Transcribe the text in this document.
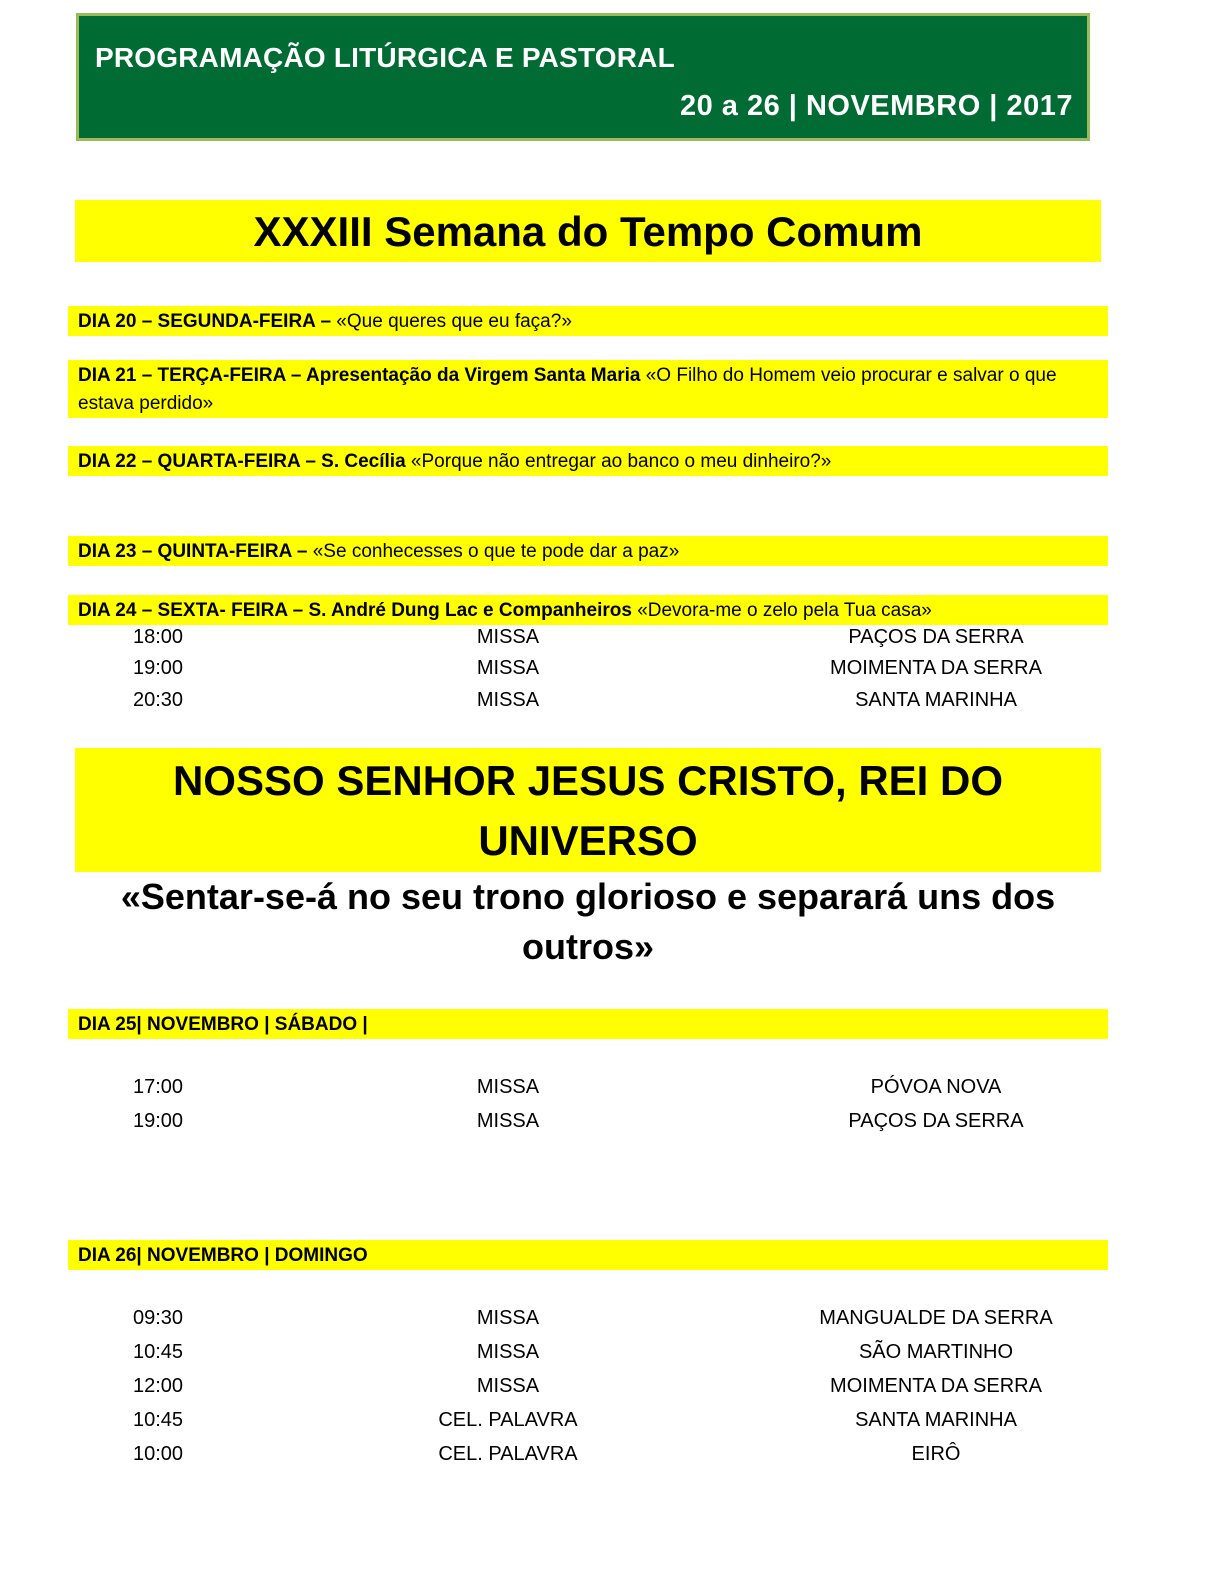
PROGRAMAÇÃO LITÚRGICA E PASTORAL
20 a 26 | NOVEMBRO | 2017
XXXIII Semana do Tempo Comum
DIA 20 – SEGUNDA-FEIRA – «Que queres que eu faça?»
DIA 21 – TERÇA-FEIRA – Apresentação da Virgem Santa Maria «O Filho do Homem veio procurar e salvar o que estava perdido»
DIA 22 – QUARTA-FEIRA – S. Cecília «Porque não entregar ao banco o meu dinheiro?»
DIA 23 – QUINTA-FEIRA – «Se conhecesses o que te pode dar a paz»
DIA 24 – SEXTA- FEIRA – S. André Dung Lac e Companheiros «Devora-me o zelo pela Tua casa»
18:00	MISSA	PAÇOS DA SERRA
19:00	MISSA	MOIMENTA DA SERRA
20:30	MISSA	SANTA MARINHA
NOSSO SENHOR JESUS CRISTO, REI DO
UNIVERSO
«Sentar-se-á no seu trono glorioso e separará uns dos
outros»
DIA 25| NOVEMBRO | SÁBADO |
17:00	MISSA	PÓVOA NOVA
19:00	MISSA	PAÇOS DA SERRA
DIA 26| NOVEMBRO | DOMINGO
09:30	MISSA	MANGUALDE DA SERRA
10:45	MISSA	SÃO MARTINHO
12:00	MISSA	MOIMENTA DA SERRA
10:45	CEL. PALAVRA	SANTA MARINHA
10:00	CEL. PALAVRA	EIRÔ
